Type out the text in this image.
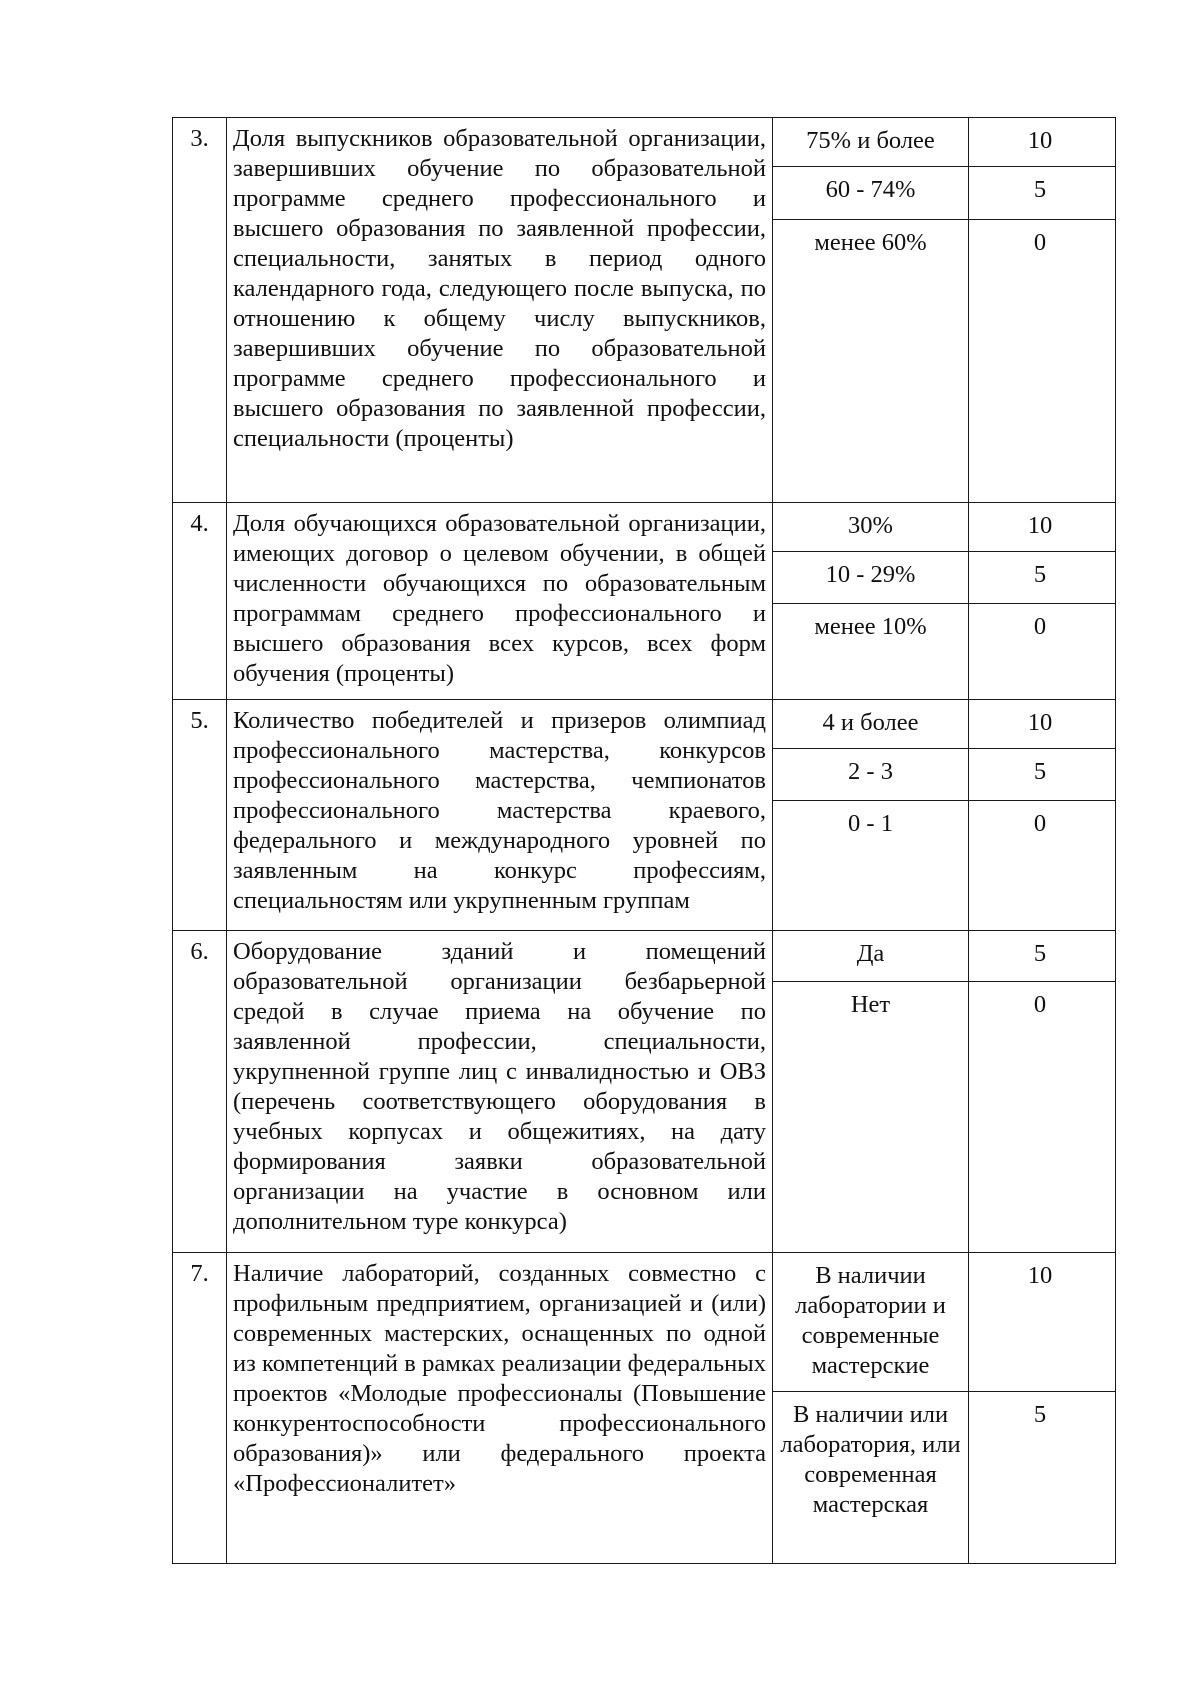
3.	Доля выпускников образовательной организации, завершивших обучение по образовательной программе среднего профессионального и высшего образования по заявленной профессии, специальности, занятых в период одного календарного года, следующего после выпуска, по отношению к общему числу выпускников, завершивших обучение по образовательной программе среднего профессионального и высшего образования по заявленной профессии, специальности (проценты)	75% и более	10
		60 - 74%	5
		менее 60%	0
4.	Доля обучающихся образовательной организации, имеющих договор о целевом обучении, в общей численности обучающихся по образовательным программам среднего профессионального и высшего образования всех курсов, всех форм обучения (проценты)	30%	10
		10 - 29%	5
		менее 10%	0
5.	Количество победителей и призеров олимпиад профессионального мастерства, конкурсов профессионального мастерства, чемпионатов профессионального мастерства краевого, федерального и международного уровней по заявленным на конкурс профессиям, специальностям или укрупненным группам	4 и более	10
		2 - 3	5
		0 - 1	0
6.	Оборудование зданий и помещений образовательной организации безбарьерной средой в случае приема на обучение по заявленной профессии, специальности, укрупненной группе лиц с инвалидностью и ОВЗ (перечень соответствующего оборудования в учебных корпусах и общежитиях, на дату формирования заявки образовательной организации на участие в основном или дополнительном туре конкурса)	Да	5
		Нет	0
7.	Наличие лабораторий, созданных совместно с профильным предприятием, организацией и (или) современных мастерских, оснащенных по одной из компетенций в рамках реализации федеральных проектов «Молодые профессионалы (Повышение конкурентоспособности профессионального образования)» или федерального проекта «Профессионалитет»	В наличии лаборатории и современные мастерские	10
		В наличии или лаборатория, или современная мастерская	5
